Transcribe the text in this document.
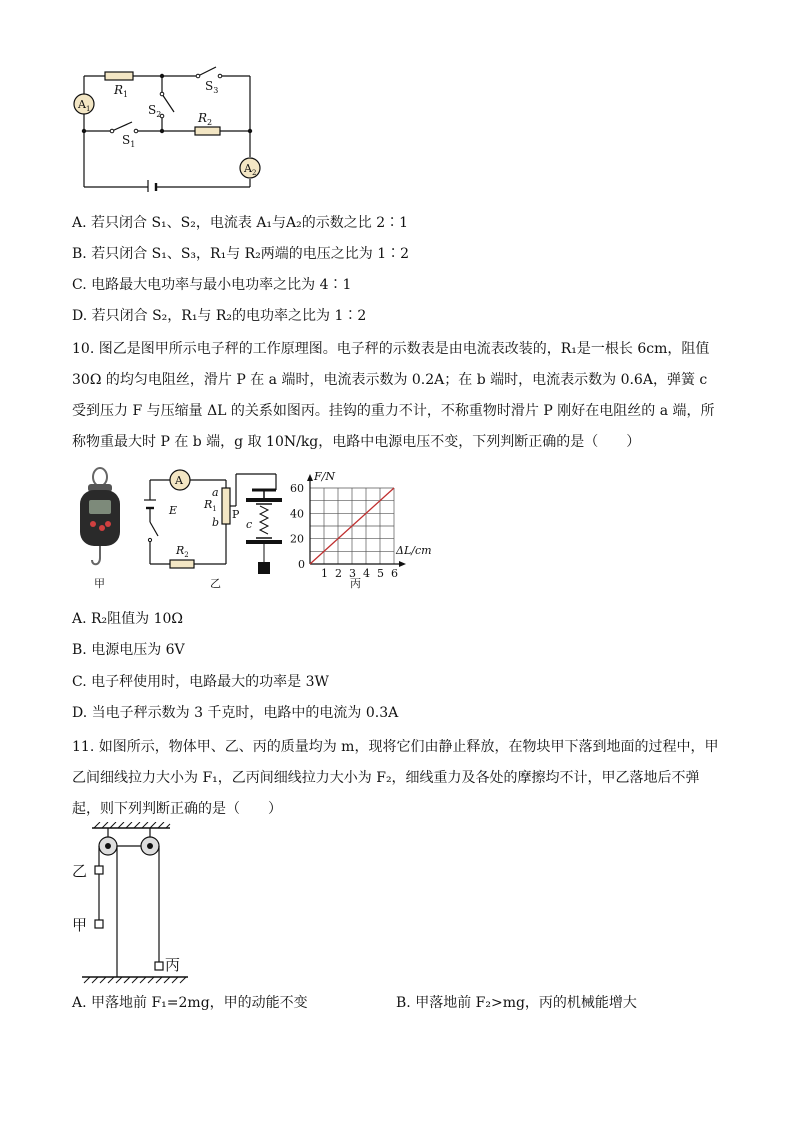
$A_1$
$A_2$
$R_1$
$R_2$
$S_3$
$S_2$
$S_1$
A. 若只闭合 S₁、S₂，电流表 A₁与A₂的示数之比 2∶1
B. 若只闭合 S₁、S₃，R₁与 R₂两端的电压之比为 1∶2
C. 电路最大电功率与最小电功率之比为 4∶1
D. 若只闭合 S₂，R₁与 R₂的电功率之比为 1∶2
10. 图乙是图甲所示电子秤的工作原理图。电子秤的示数表是由电流表改装的，R₁是一根长 6cm，阻值 30Ω 的均匀电阻丝，滑片 P 在 a 端时，电流表示数为 0.2A；在 b 端时，电流表示数为 0.6A，弹簧 c 受到压力 F 与压缩量 ΔL 的关系如图丙。挂钩的重力不计，不称重物时滑片 P 刚好在电阻丝的 a 端，所称物重最大时 P 在 b 端，g 取 10N/kg，电路中电源电压不变，下列判断正确的是（　　）
甲
A
E
a
$R_1$
b
P
c
$R_2$
乙
1 2 3 4 5 6
20
40
60
F/N
ΔL/cm
0
丙
A. R₂阻值为 10Ω
B. 电源电压为 6V
C. 电子秤使用时，电路最大的功率是 3W
D. 当电子秤示数为 3 千克时，电路中的电流为 0.3A
11. 如图所示，物体甲、乙、丙的质量均为 m，现将它们由静止释放，在物块甲下落到地面的过程中，甲乙间细线拉力大小为 F₁，乙丙间细线拉力大小为 F₂，细线重力及各处的摩擦均不计，甲乙落地后不弹起，则下列判断正确的是（　　）
乙
甲
丙
A. 甲落地前 F₁=2mg，甲的动能不变	B. 甲落地前 F₂>mg，丙的机械能增大
